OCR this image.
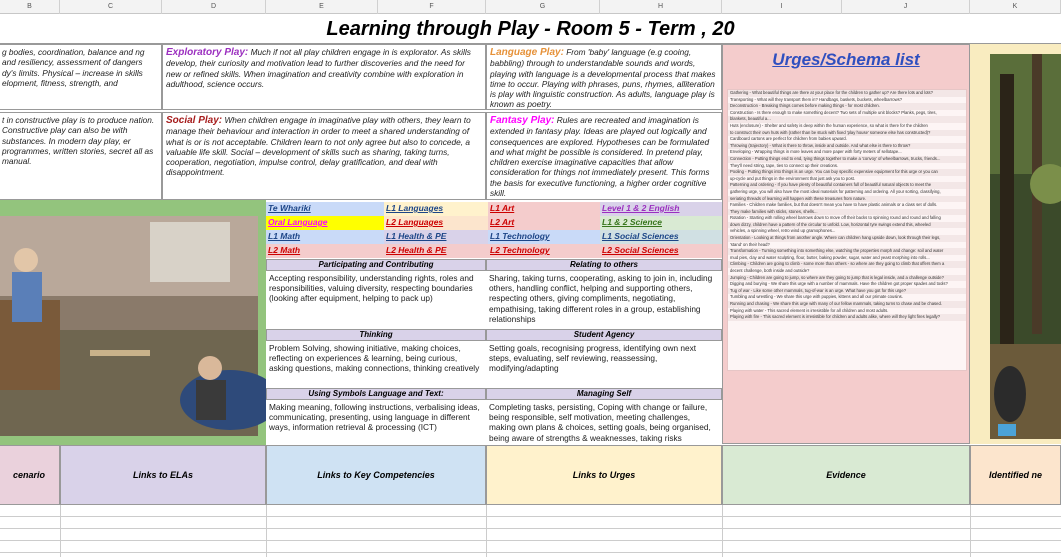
B	C	D	E	F	G	H	I	J	K
Learning through Play - Room 5 - Term , 20
g bodies, coordination, balance and ng and resiliency, assessment of dangers dy's limits. Physical – increase in skills elopment, fitness, strength, and
Exploratory Play: Much if not all play children engage in is explorator. As skills develop, their curiosity and motivation lead to further discoveries and the need for new or refined skills. When imagination and creativity combine with exploration in adulthood, science occurs.
Language Play: From 'baby' language (e.g cooing, babbling) through to understandable sounds and words, playing with language is a developmental process that makes time to occur. Playing with phrases, puns, rhymes, alliteration is play with linguistic construction. As adults, language play is known as poetry.
t in constructive play is to produce nation. Constructive play can also be with substances. In modern day play, er programmes, written stories, secret all as manual.
Social Play: When children engage in imaginative play with others, they learn to manage their behaviour and interaction in order to meet a shared understanding of what is or is not acceptable. Children learn to not only agree but also to concede, a valuable life skill. Social – development of skills such as sharing, taking turns, cooperation, negotiation, impulse control, delay gratification, and deal with disappointment.
Fantasy Play: Rules are recreated and imagination is extended in fantasy play. Ideas are played out logically and consequences are explored. Hypotheses can be formulated and what might be possible is considered. In pretend play, children exercise imaginative capacities that allow consideration for things not immediately present. This forms the basis for executive functioning, a higher order cognitive skill.
Urges/Schema list
Gathering - What beautiful things are there at your place for the children to gather up? Are there lots and lots?
Transporting - What will they transport them in? Handbags, baskets, buckets, wheelbarrows?
Deconstruction - Breaking things comes before making things - for most children.
Construction - Is there enough to make something decent? Two sets of multiple unit blocks? Planks, pegs, tires,
blankets, beautiful a...
Huts (enclosure) - Shelter and safety is deep within the human experience, so what is there for the children
to construct their own huts with (rather than be stuck with fixed 'play house' someone else has constructed)?
Cardboard cartons are perfect for children from babies upward.
Throwing (trajectory) - What is there to throw, inside and outside. And what else is there to throw?
Enveloping - Wrapping things in more leaves and more paper with forty meters of sellotape...
Connection - Putting things end to end, tying things together to make a 'convoy' of wheelbarrows, trucks, friends...
They'll need string, tape, ties to connect up their creations.
Pooling - Putting things into things is an urge. You can buy specific expensive equipment for this urge or you can
up-cycle and put things in the environment that just ask you to post.
Patterning and ordering - If you have plenty of beautiful containers full of beautiful natural objects to meet the
gathering urge, you will also have the most ideal materials for patterning and ordering. All your sorting, classifying,
seriating threads of learning will happen with these treasures from nature.
Families - Children make families, but that doesn't mean you have to have plastic animals or a class set of dolls.
They make families with sticks, stones, shells...
Rotation - Starting with rolling wheel barrows down to move off their backs to spinning round and round and falling
down dizzy, children have a pattern of the circular to unfold. Low, horizontal tyre swings extend this, wheeled
vehicles, a spinning wheel, retro wind up gramophones...
Orientation - Looking at things from another angle. Where can children hang upside down, look through their legs,
'stand' on their head?
Transformation - Turning something into something else, watching the properties morph and change: soil and water
mud pies, clay and water sculpting, flour, butter, baking powder, sugar, water and yeast morphing into rolls...
Climbing - Children are going to climb - some more than others - so where are they going to climb that offers them a
decent challenge, both inside and outside?
Jumping - Children are going to jump, so where are they going to jump that is legal inside, and a challenge outside?
Digging and burying - We share this urge with a number of mammals. Have the children got proper spades and tools?
Tug of war - Like some other mammals, tug-of-war is an urge. What have you got for this urge?
Tumbling and wrestling - We share this urge with puppies, kittens and all our primate cousins.
Running and chasing - We share this urge with many of our fellow mammals, taking turns to chase and be chased.
Playing with water - This sacred element is irresistible for all children and most adults.
Playing with fire - This sacred element is irresistible for children and adults alike, where will they light fires legally?
Te Whariki	L1 Languages	L1 Art	Level 1 & 2 English
Oral Language	L2 Languages	L2 Art	L1 & 2 Science
L1 Math	L1 Health & PE	L1 Technology	L1 Social Sciences
L2 Math	L2 Health & PE	L2 Technology	L2 Social Sciences
Participating and Contributing	Relating to others
Accepting responsibility, understanding rights, roles and responsibilities, valuing diversity, respecting boundaries (looking after equipment, helping to pack up)
Sharing, taking turns, cooperating, asking to join in, including others, handling conflict, helping and supporting others, respecting others, giving compliments, negotiating, empathising, taking different roles in a group, establishing relationships
Thinking	Student Agency
Problem Solving, showing initiative, making choices, reflecting on experiences & learning, being curious, asking questions, making connections, thinking creatively
Setting goals, recognising progress, identifying own next steps, evaluating, self reviewing, reassessing, modifying/adapting
Using Symbols Language and Text:	Managing Self
Making meaning, following instructions, verbalising ideas, communicating, presenting, using language in different ways, information retrieval & processing (ICT)
Completing tasks, persisting, Coping with change or failure, being responsible, self motivation, meeting challenges, making own plans & choices, setting goals, being organised, being aware of strengths & weaknesses, taking risks
cenario	Links to ELAs	Links to Key Competencies	Links to Urges	Evidence	Identified ne
